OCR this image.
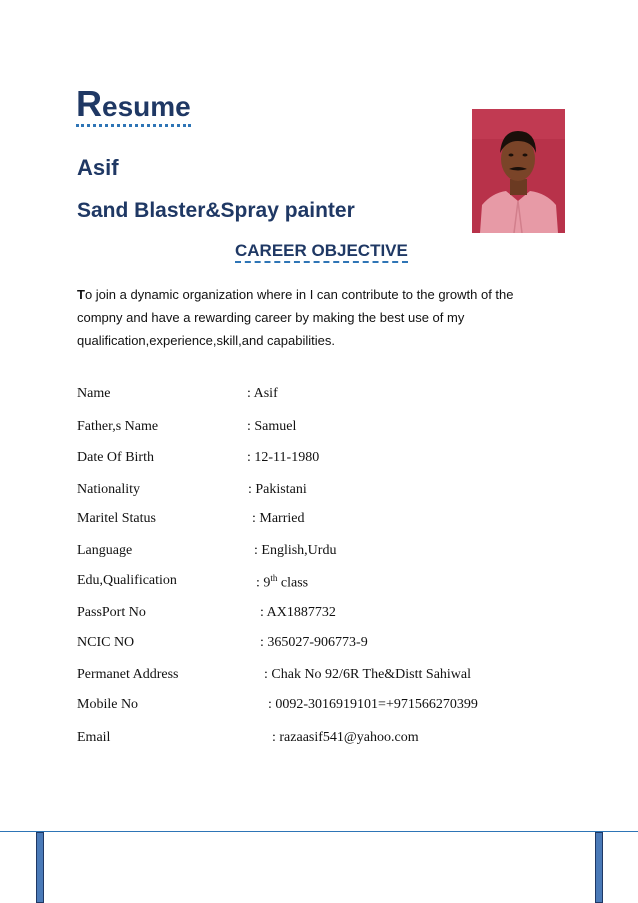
Resume
Asif
Sand Blaster&Spray painter
CAREER OBJECTIVE
To join a dynamic organization where in I can contribute to the growth of the compny and have a rewarding career by making the best use of my qualification,experience,skill,and capabilities.
Name	: Asif
Father,s Name	: Samuel
Date Of Birth	: 12-11-1980
Nationality	: Pakistani
Maritel Status	: Married
Language	: English,Urdu
Edu,Qualification	: 9th class
PassPort No	: AX1887732
NCIC NO	: 365027-906773-9
Permanet Address	: Chak No 92/6R The&Distt Sahiwal
Mobile No	: 0092-3016919101=+971566270399
Email	: razaasif541@yahoo.com
